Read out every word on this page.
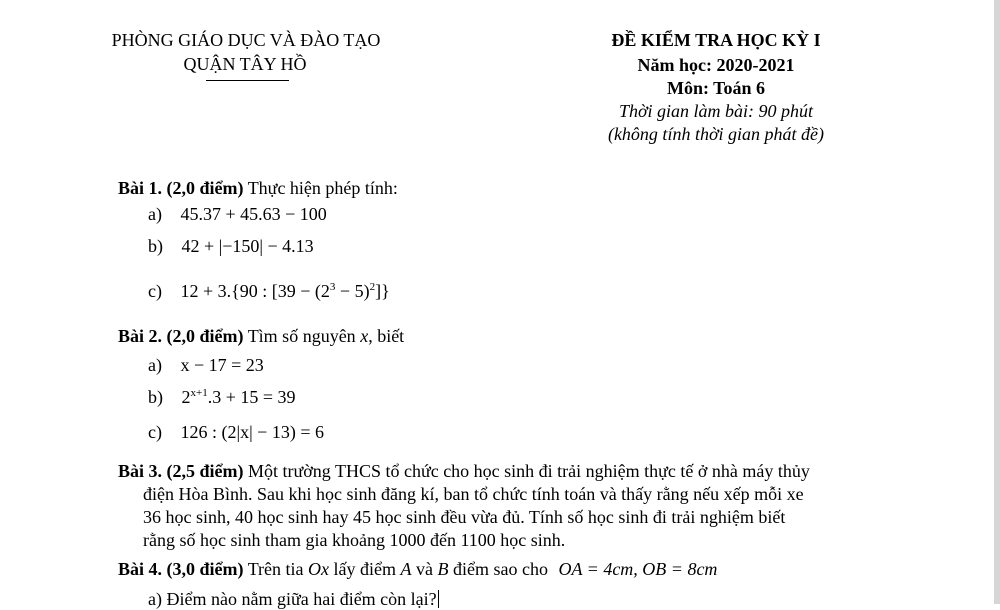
PHÒNG GIÁO DỤC VÀ ĐÀO TẠO
QUẬN TÂY HỒ
ĐỀ KIỂM TRA HỌC KỲ I
Năm học: 2020-2021
Môn: Toán 6
Thời gian làm bài: 90 phút
(không tính thời gian phát đề)
Bài 1. (2,0 điểm) Thực hiện phép tính:
a) 45.37 + 45.63 − 100
b) 42 + |−150| − 4.13
c) 12 + 3.{90 : $[39 - (2^3 - 5)^2]$}
Bài 2. (2,0 điểm) Tìm số nguyên x, biết
a) x − 17 = 23
b) $2^{x+1}.3 + 15 = 39$
c) 126 : (2|x| − 13) = 6
Bài 3. (2,5 điểm) Một trường THCS tổ chức cho học sinh đi trải nghiệm thực tế ở nhà máy thủy
điện Hòa Bình. Sau khi học sinh đăng kí, ban tổ chức tính toán và thấy rằng nếu xếp mỗi xe
36 học sinh, 40 học sinh hay 45 học sinh đều vừa đủ. Tính số học sinh đi trải nghiệm biết
rằng số học sinh tham gia khoảng 1000 đến 1100 học sinh.
Bài 4. (3,0 điểm) Trên tia Ox lấy điểm A và B điểm sao cho OA = 4cm, OB = 8cm
a) Điểm nào nằm giữa hai điểm còn lại?
